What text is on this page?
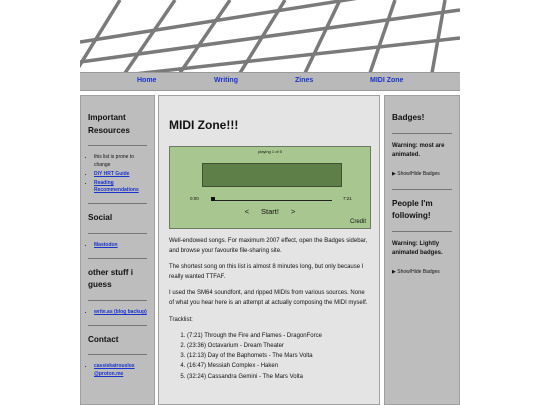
Home	Writing	Zines	MIDI Zone
Important Resources
• this list is prone to change
• DIY HRT Guide
• Reading Recommendations
Social
• Mastodon
other stuff i guess
• write.as (blog backup)
Contact
• cassiekatrouslos @proton.me
MIDI Zone!!!
playing 1 of 5
0:00	7:21
< Start! >
Credit

Well-endowed songs. For maximum 2007 effect, open the Badges sidebar, and browse your favourite file-sharing site.

The shortest song on this list is almost 8 minutes long, but only because I really wanted TTFAF.

I used the SM64 soundfont, and ripped MIDIs from various sources. None of what you hear here is an attempt at actually composing the MIDI myself.

Tracklist:

1. (7:21) Through the Fire and Flames - DragonForce
2. (23:36) Octavarium - Dream Theater
3. (12:13) Day of the Baphomets - The Mars Volta
4. (16:47) Messiah Complex - Haken
5. (32:24) Cassandra Gemini - The Mars Volta
Badges!
Warning: most are animated.
▶ Show/Hide Badges
People I'm following!
Warning: Lightly animated badges.
▶ Show/Hide Badges
